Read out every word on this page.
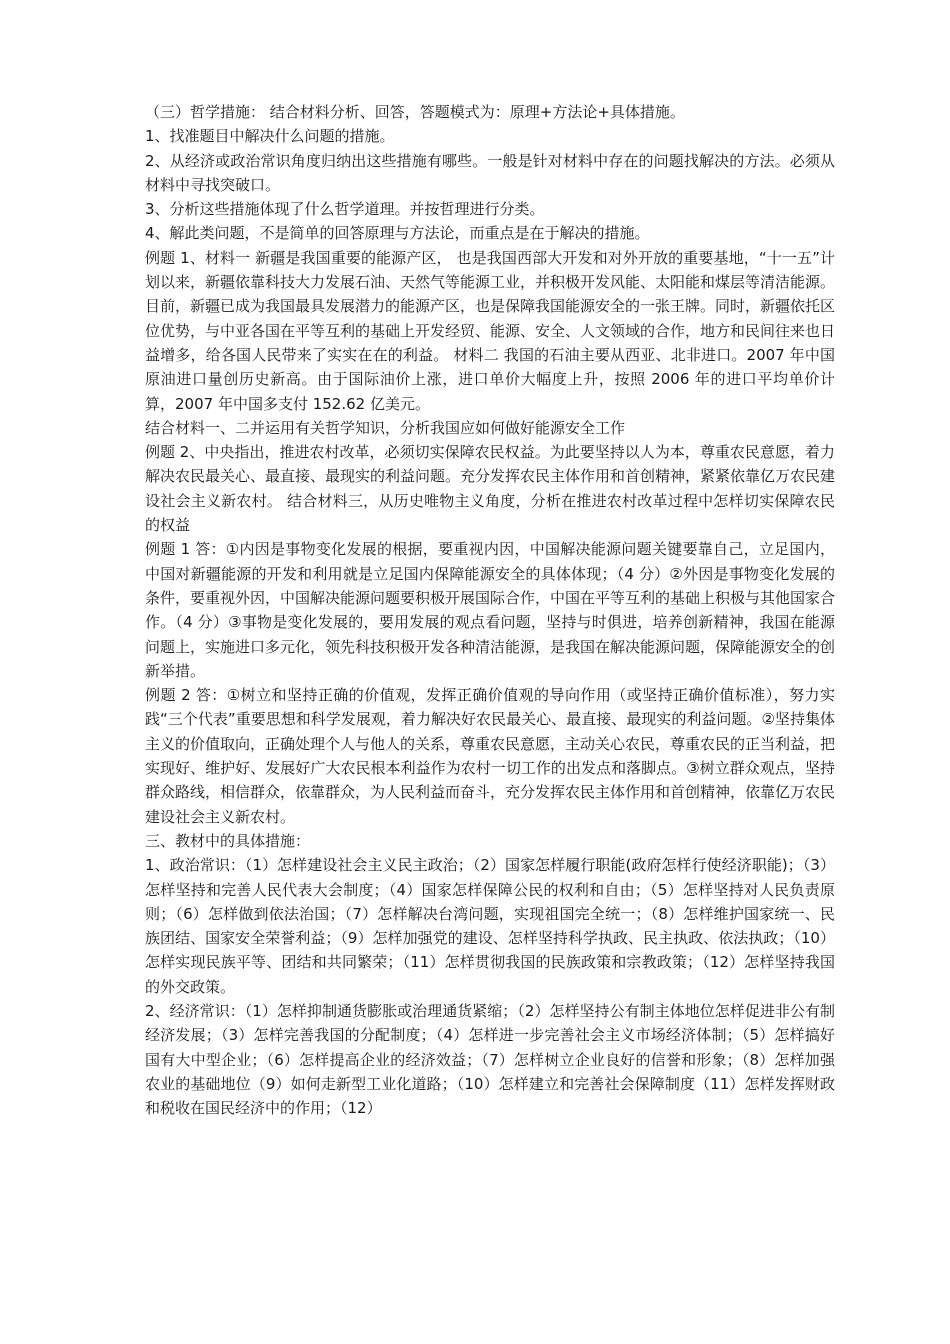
（三）哲学措施： 结合材料分析、回答，答题模式为：原理+方法论+具体措施。

1、找准题目中解决什么问题的措施。

2、从经济或政治常识角度归纳出这些措施有哪些。一般是针对材料中存在的问题找解决的方法。必须从材料中寻找突破口。

3、分析这些措施体现了什么哲学道理。并按哲理进行分类。

4、解此类问题，不是简单的回答原理与方法论，而重点是在于解决的措施。

例题 1、材料一 新疆是我国重要的能源产区， 也是我国西部大开发和对外开放的重要基地，“十一五”计划以来，新疆依靠科技大力发展石油、天然气等能源工业，并积极开发风能、太阳能和煤层等清洁能源。目前，新疆已成为我国最具发展潜力的能源产区，也是保障我国能源安全的一张王牌。同时，新疆依托区位优势，与中亚各国在平等互利的基础上开发经贸、能源、安全、人文领域的合作，地方和民间往来也日益增多，给各国人民带来了实实在在的利益。 材料二 我国的石油主要从西亚、北非进口。2007 年中国原油进口量创历史新高。由于国际油价上涨，进口单价大幅度上升，按照 2006 年的进口平均单价计算，2007 年中国多支付 152.62 亿美元。

结合材料一、二并运用有关哲学知识，分析我国应如何做好能源安全工作

例题 2、中央指出，推进农村改革，必须切实保障农民权益。为此要坚持以人为本，尊重农民意愿，着力解决农民最关心、最直接、最现实的利益问题。充分发挥农民主体作用和首创精神，紧紧依靠亿万农民建设社会主义新农村。 结合材料三，从历史唯物主义角度，分析在推进农村改革过程中怎样切实保障农民的权益

例题 1 答：①内因是事物变化发展的根据，要重视内因，中国解决能源问题关键要靠自己，立足国内，中国对新疆能源的开发和利用就是立足国内保障能源安全的具体体现；（4 分）②外因是事物变化发展的条件，要重视外因，中国解决能源问题要积极开展国际合作，中国在平等互利的基础上积极与其他国家合作。（4 分）③事物是变化发展的，要用发展的观点看问题，坚持与时俱进，培养创新精神，我国在能源问题上，实施进口多元化，领先科技积极开发各种清洁能源，是我国在解决能源问题，保障能源安全的创新举措。

例题 2 答：①树立和坚持正确的价值观，发挥正确价值观的导向作用（或坚持正确价值标准），努力实践“三个代表”重要思想和科学发展观，着力解决好农民最关心、最直接、最现实的利益问题。②坚持集体主义的价值取向，正确处理个人与他人的关系，尊重农民意愿，主动关心农民，尊重农民的正当利益，把实现好、维护好、发展好广大农民根本利益作为农村一切工作的出发点和落脚点。③树立群众观点，坚持群众路线，相信群众，依靠群众，为人民利益而奋斗，充分发挥农民主体作用和首创精神，依靠亿万农民建设社会主义新农村。

三、教材中的具体措施：

1、政治常识：（1）怎样建设社会主义民主政治；（2）国家怎样履行职能(政府怎样行使经济职能)；（3）怎样坚持和完善人民代表大会制度；（4）国家怎样保障公民的权利和自由；（5）怎样坚持对人民负责原则；（6）怎样做到依法治国；（7）怎样解决台湾问题，实现祖国完全统一；（8）怎样维护国家统一、民族团结、国家安全荣誉利益；（9）怎样加强党的建设、怎样坚持科学执政、民主执政、依法执政；（10）怎样实现民族平等、团结和共同繁荣；（11）怎样贯彻我国的民族政策和宗教政策；（12）怎样坚持我国的外交政策。

2、经济常识：（1）怎样抑制通货膨胀或治理通货紧缩；（2）怎样坚持公有制主体地位怎样促进非公有制经济发展；（3）怎样完善我国的分配制度；（4）怎样进一步完善社会主义市场经济体制；（5）怎样搞好国有大中型企业；（6）怎样提高企业的经济效益；（7）怎样树立企业良好的信誉和形象；（8）怎样加强农业的基础地位（9）如何走新型工业化道路；（10）怎样建立和完善社会保障制度（11）怎样发挥财政和税收在国民经济中的作用；（12）
